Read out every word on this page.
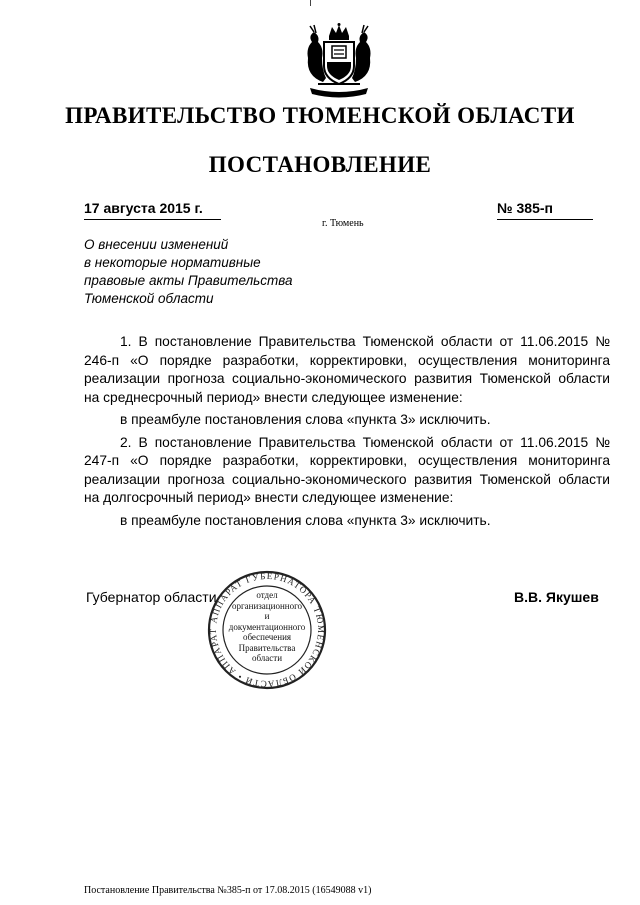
ПРАВИТЕЛЬСТВО ТЮМЕНСКОЙ ОБЛАСТИ
ПОСТАНОВЛЕНИЕ
17 августа 2015 г.	№ 385-п
г. Тюмень
О внесении изменений
в некоторые нормативные
правовые акты Правительства
Тюменской области

1. В постановление Правительства Тюменской области от 11.06.2015 № 246-п «О порядке разработки, корректировки, осуществления мониторинга реализации прогноза социально-экономического развития Тюменской области на среднесрочный период» внести следующее изменение:

в преамбуле постановления слова «пункта 3» исключить.

2. В постановление Правительства Тюменской области от 11.06.2015 № 247-п «О порядке разработки, корректировки, осуществления мониторинга реализации прогноза социально-экономического развития Тюменской области на долгосрочный период» внести следующее изменение:

в преамбуле постановления слова «пункта 3» исключить.

Губернатор области	В.В. Якушев
АППАРАТ ГУБЕРНАТОРА ТЮМЕНСКОЙ ОБЛАСТИ • АППАРАТ
отдел
организационного
и
документационного
обеспечения
Правительства
области
Постановление Правительства №385-п от 17.08.2015 (16549088 v1)
